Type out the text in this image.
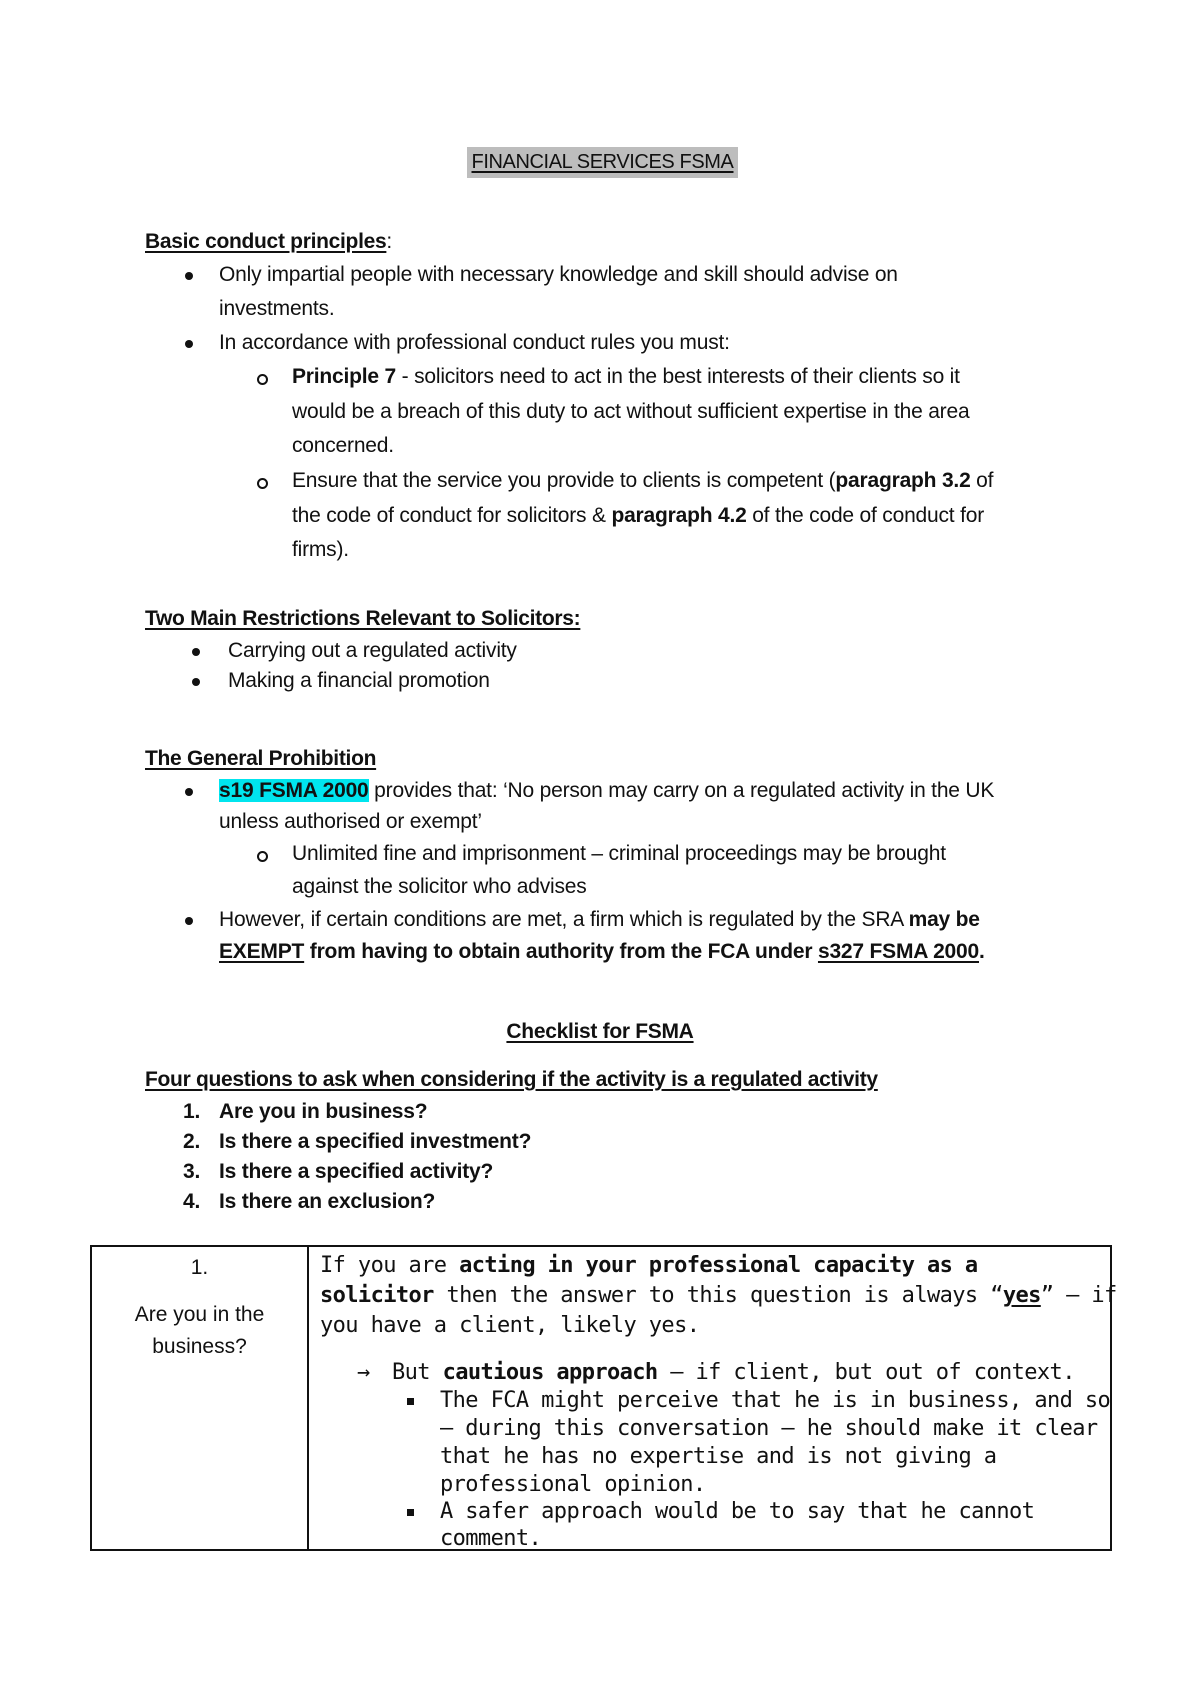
FINANCIAL SERVICES FSMA
Basic conduct principles:
Only impartial people with necessary knowledge and skill should advise on
investments.
In accordance with professional conduct rules you must:
Principle 7 - solicitors need to act in the best interests of their clients so it
would be a breach of this duty to act without sufficient expertise in the area
concerned.
Ensure that the service you provide to clients is competent (paragraph 3.2 of
the code of conduct for solicitors & paragraph 4.2 of the code of conduct for
firms).
Two Main Restrictions Relevant to Solicitors:
Carrying out a regulated activity
Making a financial promotion
The General Prohibition
s19 FSMA 2000 provides that: ‘No person may carry on a regulated activity in the UK
unless authorised or exempt’
Unlimited fine and imprisonment – criminal proceedings may be brought
against the solicitor who advises
However, if certain conditions are met, a firm which is regulated by the SRA may be
EXEMPT from having to obtain authority from the FCA under s327 FSMA 2000.
Checklist for FSMA
Four questions to ask when considering if the activity is a regulated activity
1. Are you in business?
2. Is there a specified investment?
3. Is there a specified activity?
4. Is there an exclusion?
1.
Are you in the
business?
If you are acting in your professional capacity as a
solicitor then the answer to this question is always “yes” – if
you have a client, likely yes.
→ But cautious approach – if client, but out of context.
The FCA might perceive that he is in business, and so
– during this conversation – he should make it clear
that he has no expertise and is not giving a
professional opinion.
A safer approach would be to say that he cannot
comment.
